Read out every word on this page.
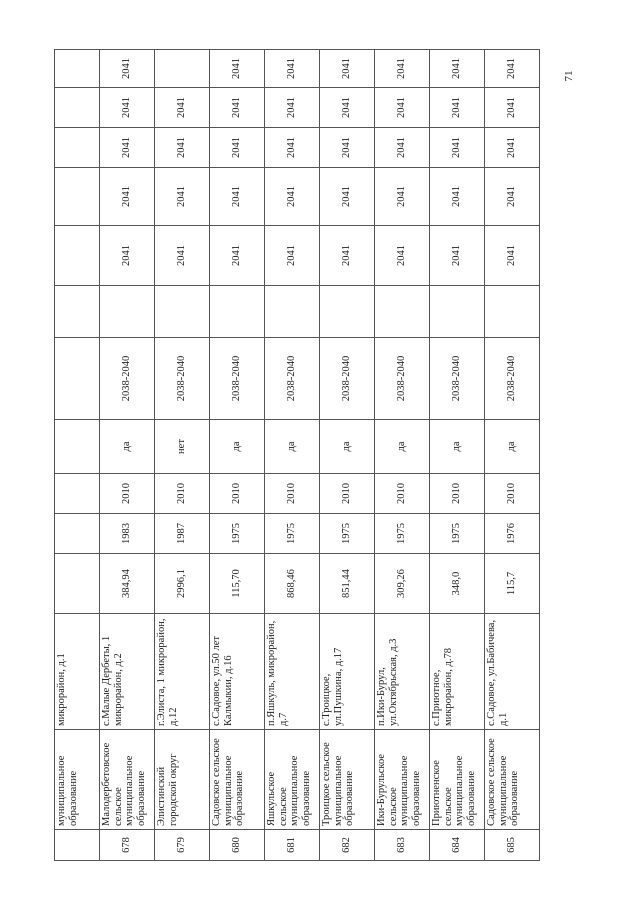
	муниципальное образование	микрорайон, д.1											
678	Малодербетовское сельское муниципальное образование	с.Малые Дербеты, 1 микрорайон, д.2	384,94	1983	2010	да	2038-2040		2041	2041	2041	2041	2041
679	Элистинский городской округ	г.Элиста, 1 микрорайон, д.12	2996,1	1987	2010	нет	2038-2040		2041	2041	2041	2041	
680	Садовское сельское муниципальное образование	с.Садовое, ул.50 лет Калмыкии, д.16	115,70	1975	2010	да	2038-2040		2041	2041	2041	2041	2041
681	Яшкульское сельское муниципальное образование	п.Яшкуль, микрорайон, д.7	868,46	1975	2010	да	2038-2040		2041	2041	2041	2041	2041
682	Троицкое сельское муниципальное образование	с.Троицкое, ул.Пушкина, д.17	851,44	1975	2010	да	2038-2040		2041	2041	2041	2041	2041
683	Ики-Бурульское сельское муниципальное образование	п.Ики-Бурул, ул.Октябрьская, д.3	309,26	1975	2010	да	2038-2040		2041	2041	2041	2041	2041
684	Приютненское сельское муниципальное образование	с.Приютное, микрорайон, д.78	348,0	1975	2010	да	2038-2040		2041	2041	2041	2041	2041
685	Садовское сельское муниципальное образование	с.Садовое, ул.Бабичева, д.1	115,7	1976	2010	да	2038-2040		2041	2041	2041	2041	2041	71
